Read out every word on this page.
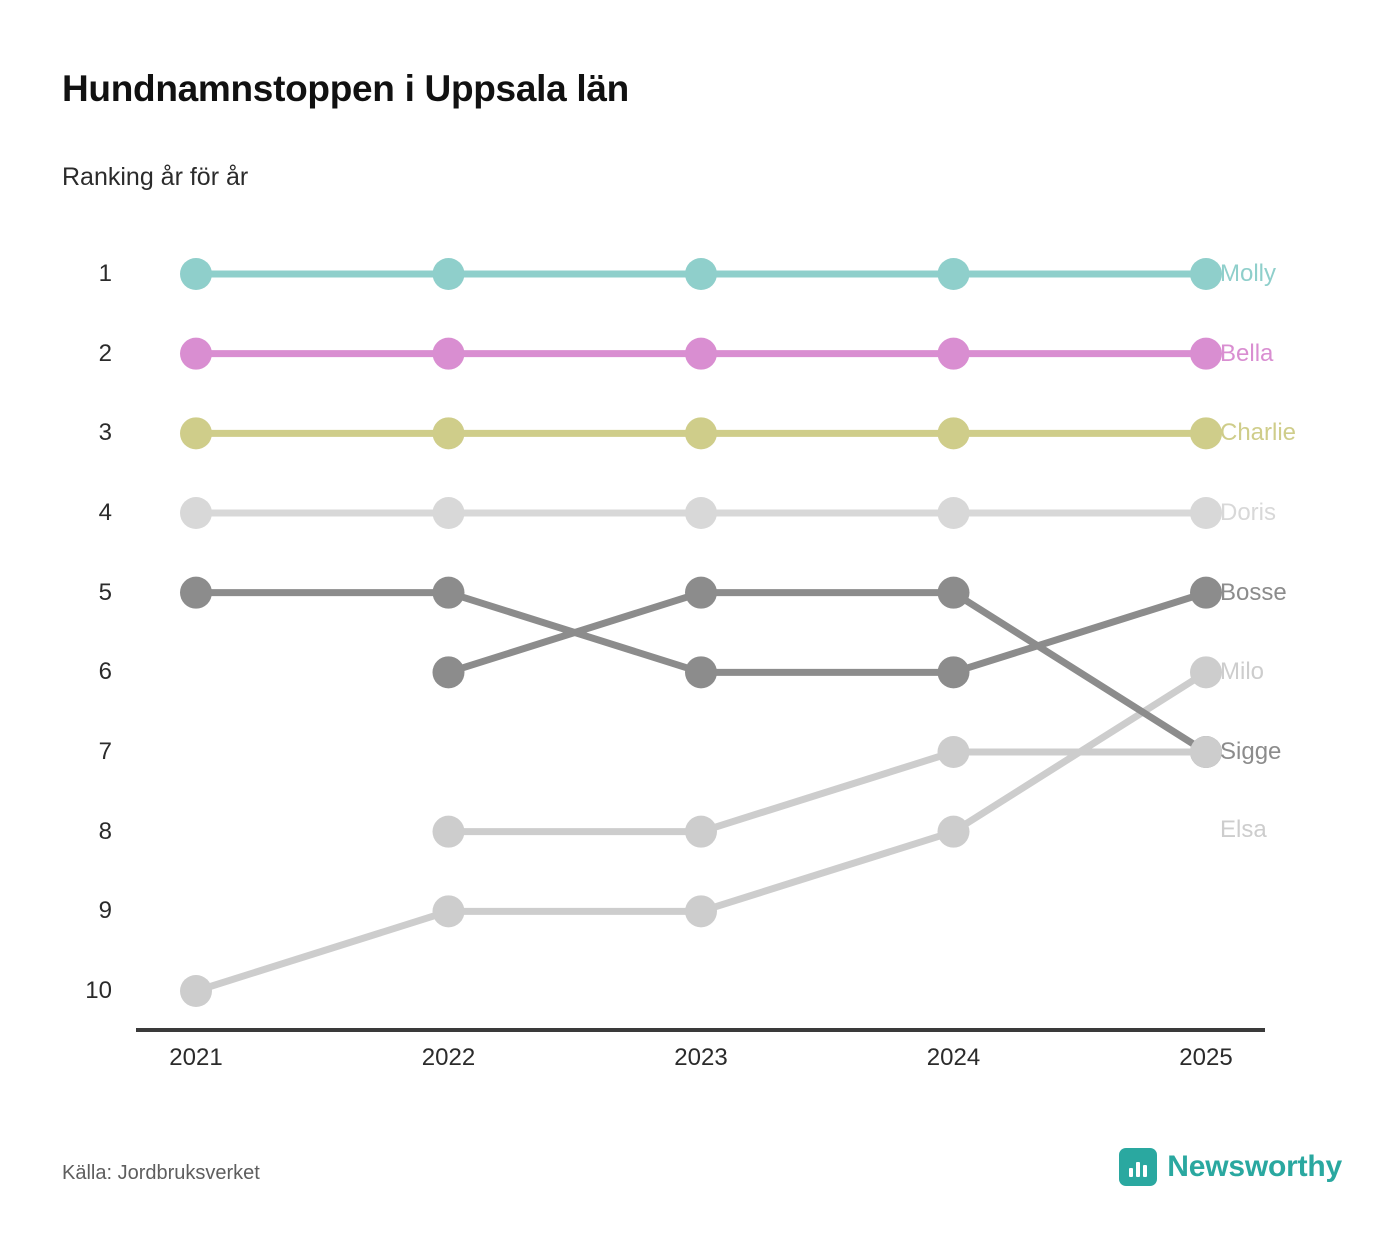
Hundnamnstoppen i Uppsala län
Ranking år för år
1
2
3
4
5
6
7
8
9
10
2021	2022	2023	2024	2025
Molly
Bella
Charlie
Doris
Bosse
Milo
Sigge
Elsa
Källa: Jordbruksverket	Newsworthy
